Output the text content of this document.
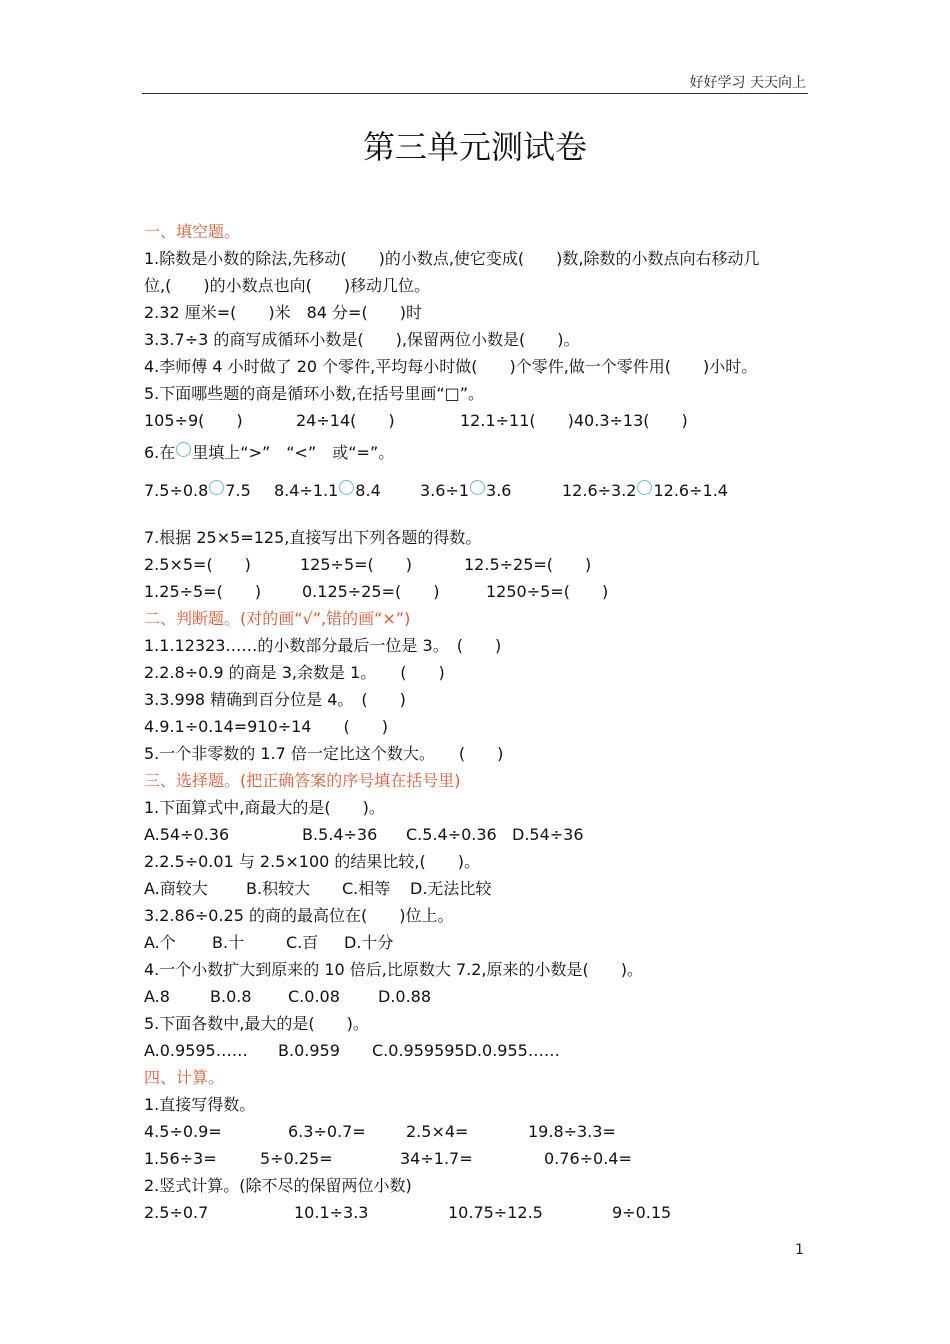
好好学习 天天向上
第三单元测试卷
一、填空题。
1.除数是小数的除法,先移动(　　)的小数点,使它变成(　　)数,除数的小数点向右移动几
位,(　　)的小数点也向(　　)移动几位。
2.32 厘米=(　　)米　84 分=(　　)时
3.3.7÷3 的商写成循环小数是(　　),保留两位小数是(　　)。
4.李师傅 4 小时做了 20 个零件,平均每小时做(　　)个零件,做一个零件用(　　)小时。
5.下面哪些题的商是循环小数,在括号里画“□”。
105÷9(　　)	24÷14(　　)	12.1÷11(　　)40.3÷13(　　)
6.在 里填上“>”　“<”　或“=”。
7.5÷0.8 7.5 8.4÷1.1 8.4 3.6÷1 3.6	12.6÷3.2 12.6÷1.4
7.根据 25×5=125,直接写出下列各题的得数。
2.5×5=(　　)	125÷5=(　　)	12.5÷25=(　　)
1.25÷5=(　　)	0.125÷25=(　　)	1250÷5=(　　)
二、判断题。(对的画“√”,错的画“×”)
1.1.12323……的小数部分最后一位是 3。　(　　)
2.2.8÷0.9 的商是 3,余数是 1。　　(　　)
3.3.998 精确到百分位是 4。　(　　)
4.9.1÷0.14=910÷14　　(　　)
5.一个非零数的 1.7 倍一定比这个数大。　　(　　)
三、选择题。(把正确答案的序号填在括号里)
1.下面算式中,商最大的是(　　)。
A.54÷0.36	B.5.4÷36 C.5.4÷0.36 D.54÷36
2.2.5÷0.01 与 2.5×100 的结果比较,(　　)。
A.商较大 B.积较大 C.相等 D.无法比较
3.2.86÷0.25 的商的最高位在(　　)位上。
A.个 B.十	C.百 D.十分
4.一个小数扩大到原来的 10 倍后,比原数大 7.2,原来的小数是(　　)。
A.8	B.0.8 C.0.08 D.0.88
5.下面各数中,最大的是(　　)。
A.0.9595…… B.0.959 C.0.959595D.0.955……
四、计算。
1.直接写得数。
4.5÷0.9=	6.3÷0.7=	2.5×4=	19.8÷3.3=
1.56÷3=	5÷0.25=	34÷1.7=	0.76÷0.4=
2.竖式计算。(除不尽的保留两位小数)
2.5÷0.7	10.1÷3.3	10.75÷12.5	9÷0.15
1
